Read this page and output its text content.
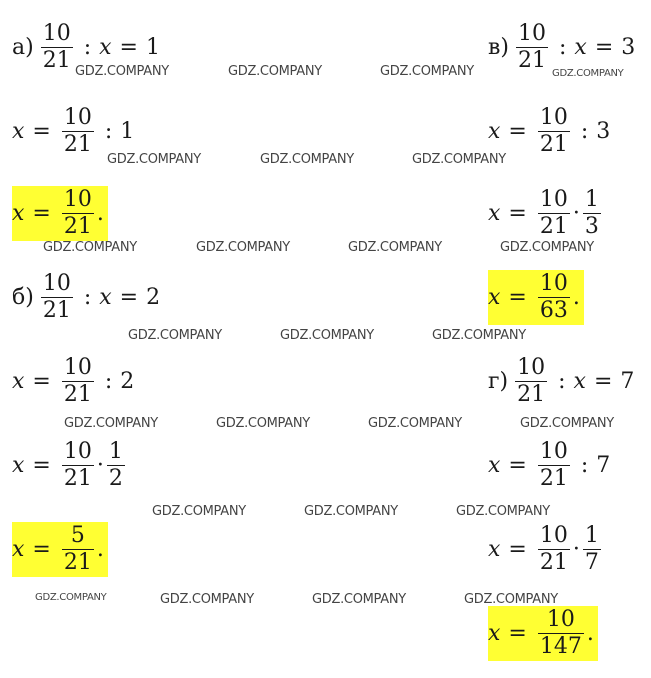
$а) \frac{10}{21}$ : x = 1
$x = \frac{10}{21}$ : 1
$x = \frac{10}{21}$ .
$б) \frac{10}{21}$ : x = 2
$x = \frac{10}{21}$ : 2
$x = \frac{10}{21} \cdot \frac{1}{2}$
$x = \frac{5}{21}$ .
$в) \frac{10}{21}$ : x = 3
$x = \frac{10}{21}$ : 3
$x = \frac{10}{21} \cdot \frac{1}{3}$
$x = \frac{10}{63}$ .
$г) \frac{10}{21}$ : x = 7
$x = \frac{10}{21}$ : 7
$x = \frac{10}{21} \cdot \frac{1}{7}$
$x = \frac{10}{147}$ .
GDZ.COMPANY	GDZ.COMPANY	GDZ.COMPANY	GDZ.COMPANY
GDZ.COMPANY	GDZ.COMPANY	GDZ.COMPANY
GDZ.COMPANY	GDZ.COMPANY	GDZ.COMPANY	GDZ.COMPANY
GDZ.COMPANY	GDZ.COMPANY	GDZ.COMPANY
GDZ.COMPANY	GDZ.COMPANY	GDZ.COMPANY	GDZ.COMPANY
GDZ.COMPANY	GDZ.COMPANY	GDZ.COMPANY
GDZ.COMPANY	GDZ.COMPANY	GDZ.COMPANY	GDZ.COMPANY
